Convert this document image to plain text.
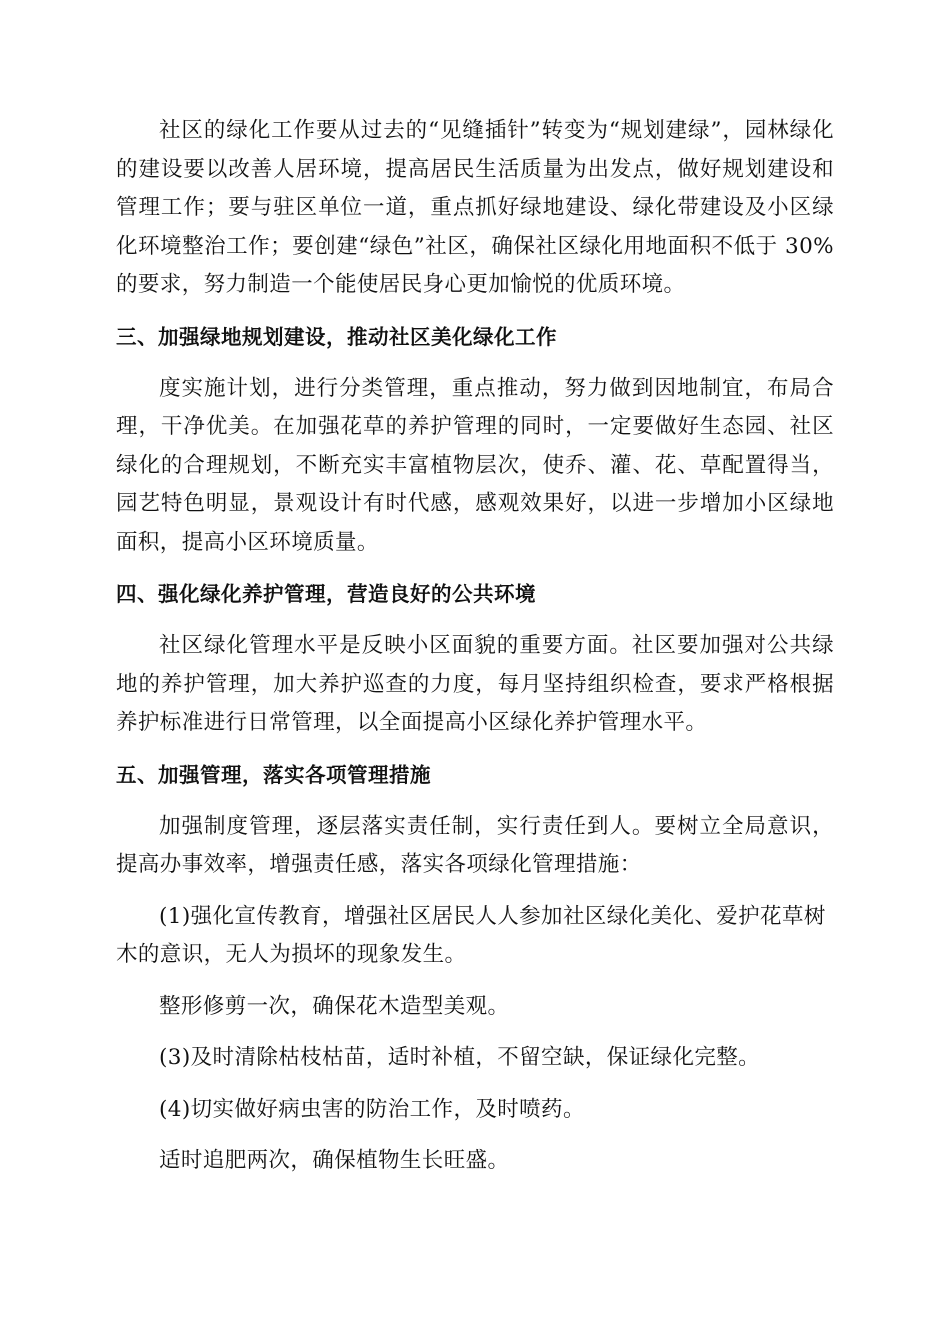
社区的绿化工作要从过去的“见缝插针”转变为“规划建绿”，园林绿化的建设要以改善人居环境，提高居民生活质量为出发点，做好规划建设和管理工作；要与驻区单位一道，重点抓好绿地建设、绿化带建设及小区绿化环境整治工作；要创建“绿色”社区，确保社区绿化用地面积不低于 30%的要求，努力制造一个能使居民身心更加愉悦的优质环境。

三、加强绿地规划建设，推动社区美化绿化工作

度实施计划，进行分类管理，重点推动，努力做到因地制宜，布局合理，干净优美。在加强花草的养护管理的同时，一定要做好生态园、社区绿化的合理规划，不断充实丰富植物层次，使乔、灌、花、草配置得当，园艺特色明显，景观设计有时代感，感观效果好，以进一步增加小区绿地面积，提高小区环境质量。

四、强化绿化养护管理，营造良好的公共环境

社区绿化管理水平是反映小区面貌的重要方面。社区要加强对公共绿地的养护管理，加大养护巡查的力度，每月坚持组织检查，要求严格根据养护标准进行日常管理，以全面提高小区绿化养护管理水平。

五、加强管理，落实各项管理措施

加强制度管理，逐层落实责任制，实行责任到人。要树立全局意识，提高办事效率，增强责任感，落实各项绿化管理措施：

(1)强化宣传教育，增强社区居民人人参加社区绿化美化、爱护花草树木的意识，无人为损坏的现象发生。

整形修剪一次，确保花木造型美观。

(3)及时清除枯枝枯苗，适时补植，不留空缺，保证绿化完整。

(4)切实做好病虫害的防治工作，及时喷药。

适时追肥两次，确保植物生长旺盛。
